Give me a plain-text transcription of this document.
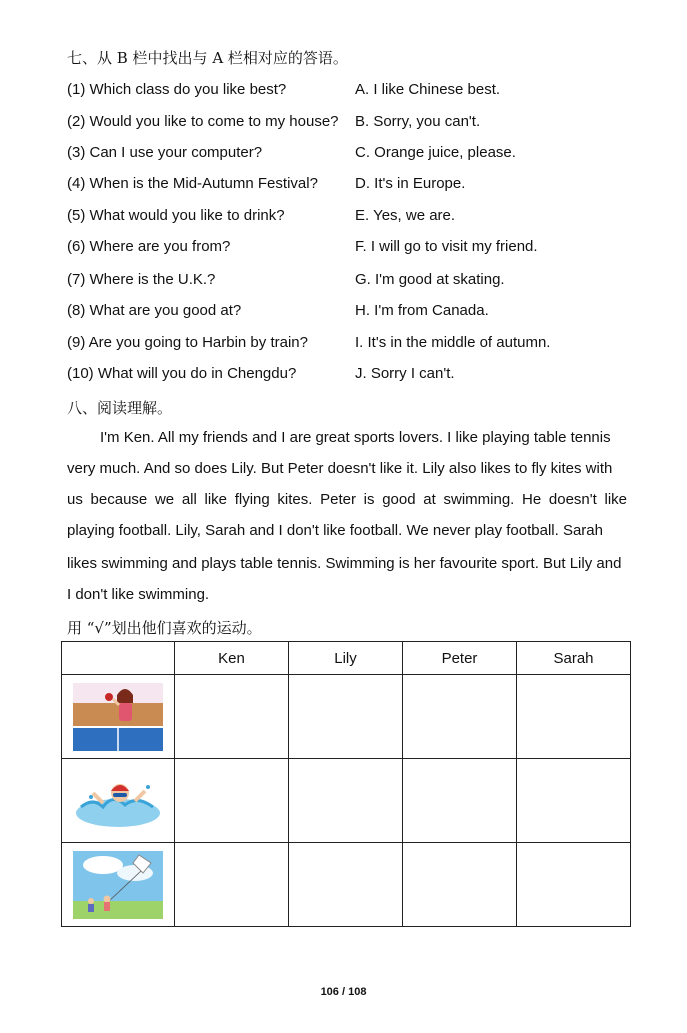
七、从 B 栏中找出与 A 栏相对应的答语。
(1) Which class do you like best?	A. I like Chinese best.
(2) Would you like to come to my house? B. Sorry, you can't.
(3) Can I use your computer?	C. Orange juice, please.
(4) When is the Mid-Autumn Festival? D. It's in Europe.
(5) What would you like to drink?	E. Yes, we are.
(6) Where are you from?	F. I will go to visit my friend.
(7) Where is the U.K.?	G. I'm good at skating.
(8) What are you good at?	H. I'm from Canada.
(9) Are you going to Harbin by train?	I. It's in the middle of autumn.
(10) What will you do in Chengdu?	J. Sorry I can't.
八、阅读理解。
I'm Ken. All my friends and I are great sports lovers. I like playing table tennis
very much. And so does Lily. But Peter doesn't like it. Lily also likes to fly kites with
us because we all like flying kites. Peter is good at swimming. He doesn't like
playing football. Lily, Sarah and I don't like football. We never play football. Sarah
likes swimming and plays table tennis. Swimming is her favourite sport. But Lily and
I don't like swimming.
用 “√”划出他们喜欢的运动。
	Ken	Lily	Peter	Sarah

106 / 108
